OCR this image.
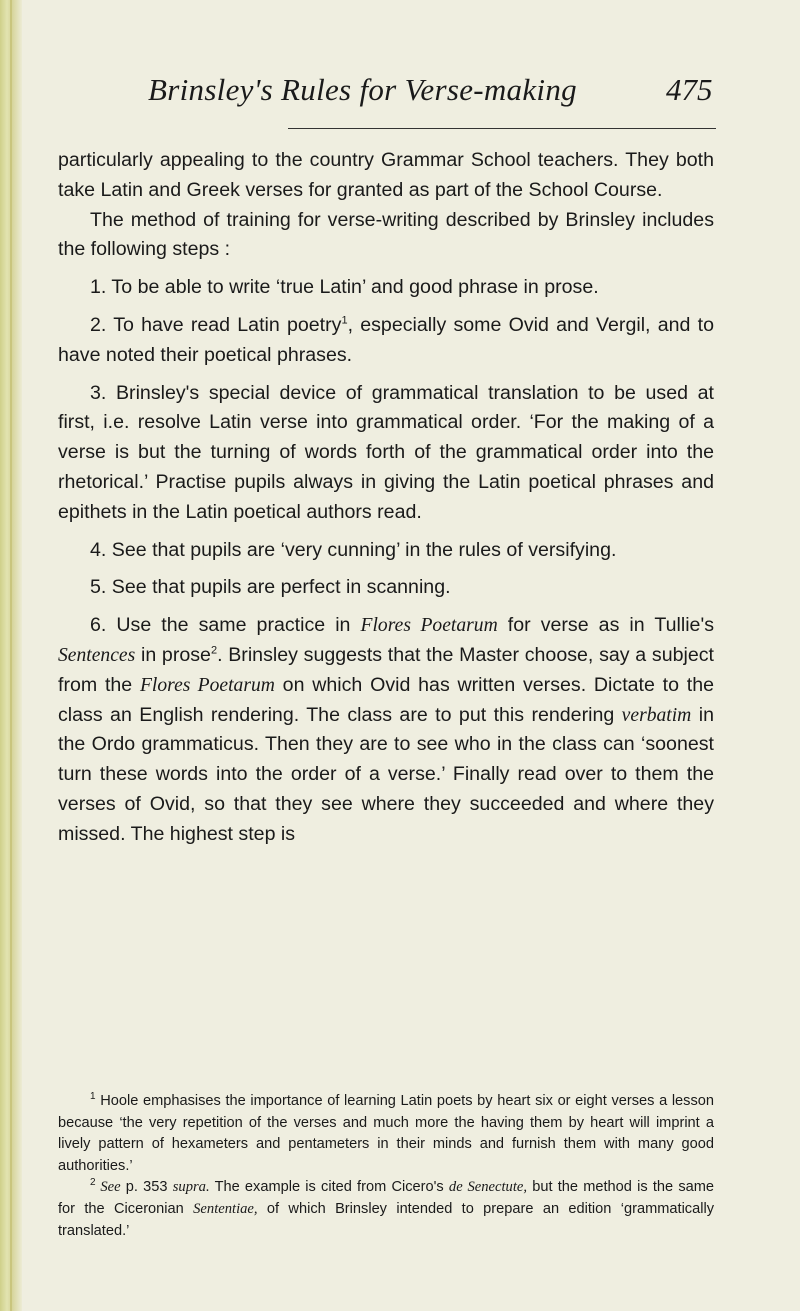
Brinsley's Rules for Verse-making	475

particularly appealing to the country Grammar School teachers. They both take Latin and Greek verses for granted as part of the School Course.

The method of training for verse-writing described by Brinsley includes the following steps :

1. To be able to write ‘true Latin’ and good phrase in prose.

2. To have read Latin poetry$^1$, especially some Ovid and Vergil, and to have noted their poetical phrases.

3. Brinsley's special device of grammatical translation to be used at first, i.e. resolve Latin verse into grammatical order. ‘For the making of a verse is but the turning of words forth of the grammatical order into the rhetorical.’ Practise pupils always in giving the Latin poetical phrases and epithets in the Latin poetical authors read.

4. See that pupils are ‘very cunning’ in the rules of versifying.

5. See that pupils are perfect in scanning.

6. Use the same practice in Flores Poetarum for verse as in Tullie's Sentences in prose$^2$. Brinsley suggests that the Master choose, say a subject from the Flores Poetarum on which Ovid has written verses. Dictate to the class an English rendering. The class are to put this rendering verbatim in the Ordo grammaticus. Then they are to see who in the class can ‘soonest turn these words into the order of a verse.’ Finally read over to them the verses of Ovid, so that they see where they succeeded and where they missed. The highest step is

$^1$ Hoole emphasises the importance of learning Latin poets by heart six or eight verses a lesson because ‘the very repetition of the verses and much more the having them by heart will imprint a lively pattern of hexameters and pentameters in their minds and furnish them with many good authorities.’

$^2$ See p. 353 supra. The example is cited from Cicero's de Senectute, but the method is the same for the Ciceronian Sententiae, of which Brinsley intended to prepare an edition ‘grammatically translated.’
